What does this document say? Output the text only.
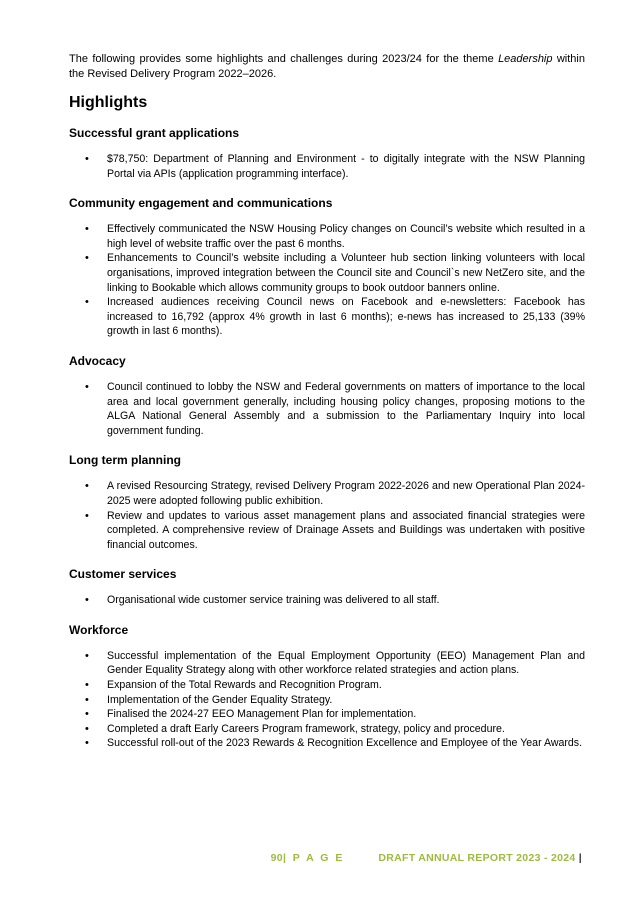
The following provides some highlights and challenges during 2023/24 for the theme Leadership within the Revised Delivery Program 2022–2026.

Highlights
Successful grant applications
• $78,750: Department of Planning and Environment - to digitally integrate with the NSW Planning Portal via APIs (application programming interface).
Community engagement and communications
• Effectively communicated the NSW Housing Policy changes on Council’s website which resulted in a high level of website traffic over the past 6 months.
• Enhancements to Council’s website including a Volunteer hub section linking volunteers with local organisations, improved integration between the Council site and Council`s new NetZero site, and the linking to Bookable which allows community groups to book outdoor banners online.
• Increased audiences receiving Council news on Facebook and e-newsletters: Facebook has increased to 16,792 (approx 4% growth in last 6 months); e-news has increased to 25,133 (39% growth in last 6 months).
Advocacy
• Council continued to lobby the NSW and Federal governments on matters of importance to the local area and local government generally, including housing policy changes, proposing motions to the ALGA National General Assembly and a submission to the Parliamentary Inquiry into local government funding.
Long term planning
• A revised Resourcing Strategy, revised Delivery Program 2022-2026 and new Operational Plan 2024-2025 were adopted following public exhibition.
• Review and updates to various asset management plans and associated financial strategies were completed. A comprehensive review of Drainage Assets and Buildings was undertaken with positive financial outcomes.
Customer services
• Organisational wide customer service training was delivered to all staff.
Workforce
• Successful implementation of the Equal Employment Opportunity (EEO) Management Plan and Gender Equality Strategy along with other workforce related strategies and action plans.
• Expansion of the Total Rewards and Recognition Program.
• Implementation of the Gender Equality Strategy.
• Finalised the 2024-27 EEO Management Plan for implementation.
• Completed a draft Early Careers Program framework, strategy, policy and procedure.
• Successful roll-out of the 2023 Rewards & Recognition Excellence and Employee of the Year Awards.
90| P A G E	DRAFT ANNUAL REPORT 2023 - 2024 |
